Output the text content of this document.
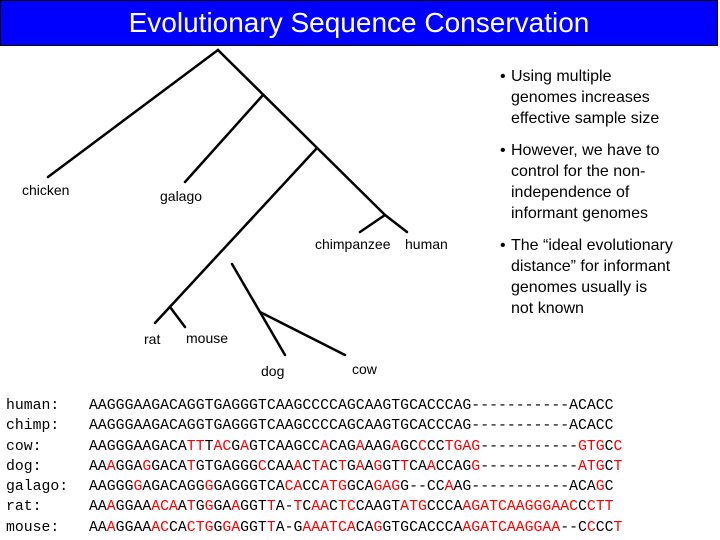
Evolutionary Sequence Conservation
chicken	galago
chimpanzee human
rat mouse
dog	cow
• Using multiple
genomes increases
effective sample size
• However, we have to
control for the non-
independence of
informant genomes
• The “ideal evolutionary
distance” for informant
genomes usually is
not known
human: AAGGGAAGACAGGTGAGGGTCAAGCCCCAGCAAGTGCACCCAG-----------ACACC
chimp: AAGGGAAGACAGGTGAGGGTCAAGCCCCAGCAAGTGCACCCAG-----------ACACC
cow:	AAGGGAAGACATTTACGAGTCAAGCCACAGAAAGAGCCCCTGAG-----------GTGCC
dog:	AAAGGAGGACATGTGAGGGCCAAACTACTGAAGGTTCAACCAGG-----------ATGCT
galago: AAGGGGAGACAGGGGAGGGTCACACCATGGCAGAGG--CCAAG-----------ACAGC
rat:	AAAGGAAACAATGGGAAGGTTA-TCAACTCCAAGTATGCCCAAGATCAAGGGAACCCTT
mouse: AAAGGAAACCACTGGGAGGTTA-GAAATCACAGGTGCACCCAAGATCAAGGAA--CCCCT
